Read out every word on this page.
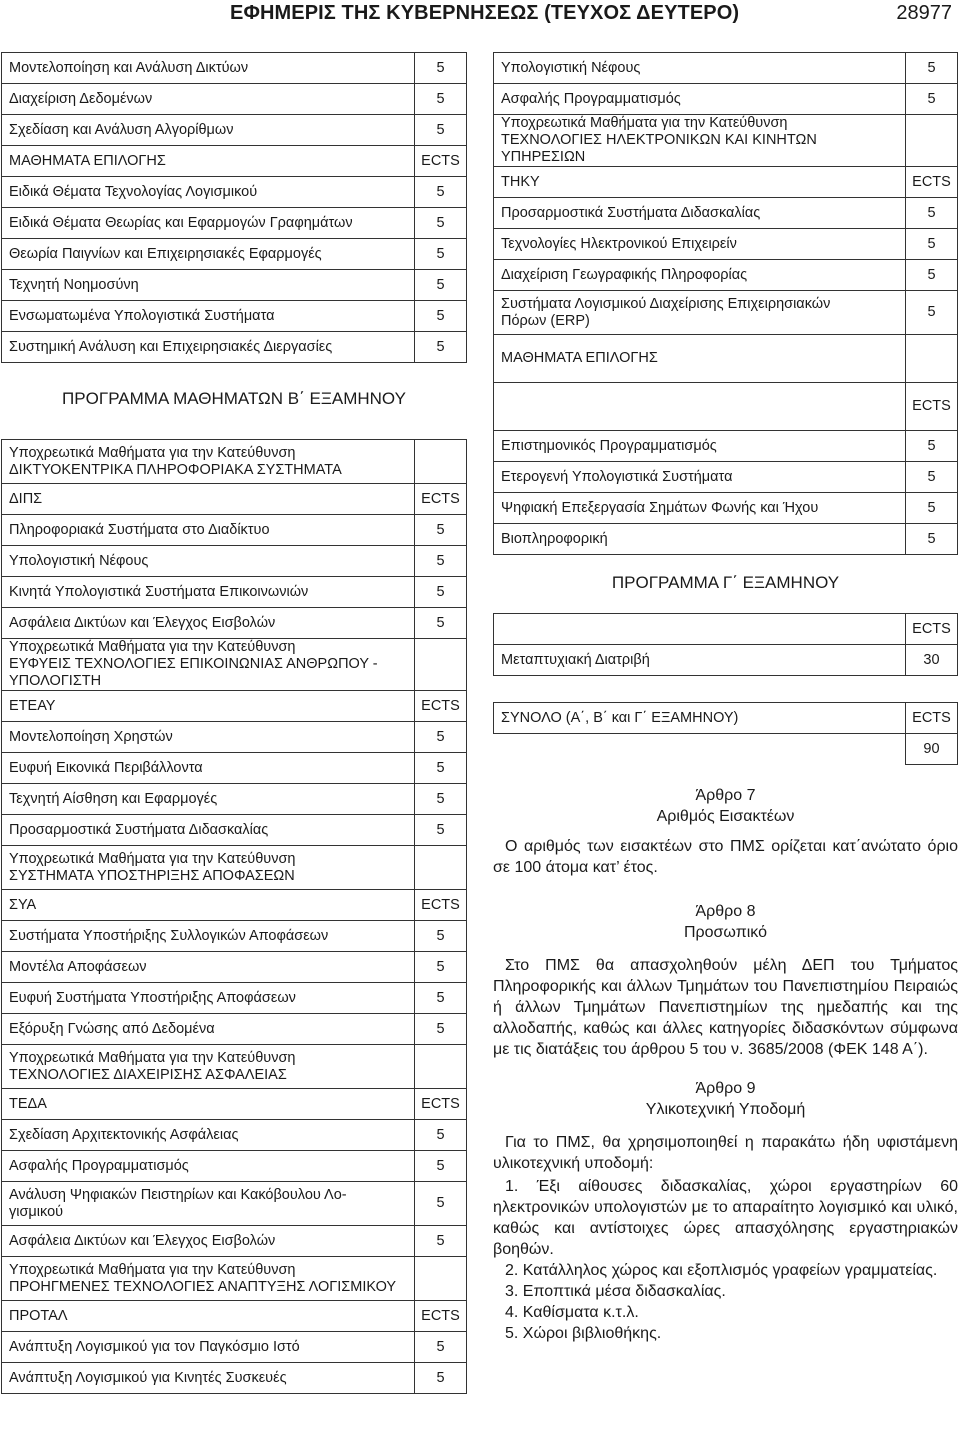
ΕΦΗΜΕΡΙΣ ΤΗΣ ΚΥΒΕΡΝΗΣΕΩΣ (ΤΕΥΧΟΣ ΔΕΥΤΕΡΟ)	28977
Μοντελοποίηση και Ανάλυση Δικτύων	5
Διαχείριση Δεδομένων	5
Σχεδίαση και Ανάλυση Αλγορίθμων	5
ΜΑΘΗΜΑΤΑ ΕΠΙΛΟΓΗΣ	ECTS
Ειδικά Θέματα Τεχνολογίας Λογισμικού	5
Ειδικά Θέματα Θεωρίας και Εφαρμογών Γραφημάτων	5
Θεωρία Παιγνίων και Επιχειρησιακές Εφαρμογές	5
Τεχνητή Νοημοσύνη	5
Ενσωματωμένα Υπολογιστικά Συστήματα	5
Συστημική Ανάλυση και Επιχειρησιακές Διεργασίες	5
ΠΡΟΓΡΑΜΜΑ ΜΑΘΗΜΑΤΩΝ Β΄ ΕΞΑΜΗΝΟΥ
Υποχρεωτικά Μαθήματα για την Κατεύθυνση
ΔΙΚΤΥΟΚΕΝΤΡΙΚΑ ΠΛΗΡΟΦΟΡΙΑΚΑ ΣΥΣΤΗΜΑΤΑ	
ΔΙΠΣ	ECTS
Πληροφοριακά Συστήματα στο Διαδίκτυο	5
Υπολογιστική Νέφους	5
Κινητά Υπολογιστικά Συστήματα Επικοινωνιών	5
Ασφάλεια Δικτύων και Έλεγχος Εισβολών	5
Υποχρεωτικά Μαθήματα για την Κατεύθυνση
ΕΥΦΥΕΙΣ ΤΕΧΝΟΛΟΓΙΕΣ ΕΠΙΚΟΙΝΩΝΙΑΣ ΑΝΘΡΩΠΟΥ - ΥΠΟΛΟΓΙΣΤΗ	
ΕΤΕΑΥ	ECTS
Μοντελοποίηση Χρηστών	5
Ευφυή Εικονικά Περιβάλλοντα	5
Τεχνητή Αίσθηση και Εφαρμογές	5
Προσαρμοστικά Συστήματα Διδασκαλίας	5
Υποχρεωτικά Μαθήματα για την Κατεύθυνση
ΣΥΣΤΗΜΑΤΑ ΥΠΟΣΤΗΡΙΞΗΣ ΑΠΟΦΑΣΕΩΝ	
ΣΥΑ	ECTS
Συστήματα Υποστήριξης Συλλογικών Αποφάσεων	5
Μοντέλα Αποφάσεων	5
Ευφυή Συστήματα Υποστήριξης Αποφάσεων	5
Εξόρυξη Γνώσης από Δεδομένα	5
Υποχρεωτικά Μαθήματα για την Κατεύθυνση
ΤΕΧΝΟΛΟΓΙΕΣ ΔΙΑΧΕΙΡΙΣΗΣ ΑΣΦΑΛΕΙΑΣ	
ΤΕΔΑ	ECTS
Σχεδίαση Αρχιτεκτονικής Ασφάλειας	5
Ασφαλής Προγραμματισμός	5
Ανάλυση Ψηφιακών Πειστηρίων και Κακόβουλου Λο-
γισμικού	5
Ασφάλεια Δικτύων και Έλεγχος Εισβολών	5
Υποχρεωτικά Μαθήματα για την Κατεύθυνση
ΠΡΟΗΓΜΕΝΕΣ ΤΕΧΝΟΛΟΓΙΕΣ ΑΝΑΠΤΥΞΗΣ ΛΟΓΙΣΜΙΚΟΥ	
ΠΡΟΤΑΛ	ECTS
Ανάπτυξη Λογισμικού για τον Παγκόσμιο Ιστό	5
Ανάπτυξη Λογισμικού για Κινητές Συσκευές	5
Υπολογιστική Νέφους	5
Ασφαλής Προγραμματισμός	5
Υποχρεωτικά Μαθήματα για την Κατεύθυνση
ΤΕΧΝΟΛΟΓΙΕΣ ΗΛΕΚΤΡΟΝΙΚΩΝ ΚΑΙ ΚΙΝΗΤΩΝ ΥΠΗΡΕΣΙΩΝ	
ΤΗΚΥ	ECTS
Προσαρμοστικά Συστήματα Διδασκαλίας	5
Τεχνολογίες Ηλεκτρονικού Επιχειρείν	5
Διαχείριση Γεωγραφικής Πληροφορίας	5
Συστήματα Λογισμικού Διαχείρισης Επιχειρησιακών
Πόρων (ERP)	5
ΜΑΘΗΜΑΤΑ ΕΠΙΛΟΓΗΣ	
	ECTS
Επιστημονικός Προγραμματισμός	5
Ετερογενή Υπολογιστικά Συστήματα	5
Ψηφιακή Επεξεργασία Σημάτων Φωνής και Ήχου	5
Βιοπληροφορική	5
ΠΡΟΓΡΑΜΜΑ Γ΄ ΕΞΑΜΗΝΟΥ
	ECTS
Μεταπτυχιακή Διατριβή	30
ΣΥΝΟΛΟ (Α΄, Β΄ και Γ΄ ΕΞΑΜΗΝΟΥ)	ECTS
	90
Άρθρο 7
Αριθμός Εισακτέων
Ο αριθμός των εισακτέων στο ΠΜΣ ορίζεται κατ΄ανώτατο όριο σε 100 άτομα κατ’ έτος.
Άρθρο 8
Προσωπικό
Στο ΠΜΣ θα απασχοληθούν μέλη ΔΕΠ του Τμήματος Πληροφορικής και άλλων Τμημάτων του Πανεπιστημίου Πειραιώς ή άλλων Τμημάτων Πανεπιστημίων της ημεδαπής και της αλλοδαπής, καθώς και άλλες κατηγορίες διδασκόντων σύμφωνα με τις διατάξεις του άρθρου 5 του ν. 3685/2008 (ΦΕΚ 148 Α΄).
Άρθρο 9
Υλικοτεχνική Υποδομή
Για το ΠΜΣ, θα χρησιμοποιηθεί η παρακάτω ήδη υφιστάμενη υλικοτεχνική υποδομή:
1. Έξι αίθουσες διδασκαλίας, χώροι εργαστηρίων 60 ηλεκτρονικών υπολογιστών με το απαραίτητο λογισμικό και υλικό, καθώς και αντίστοιχες ώρες απασχόλησης εργαστηριακών βοηθών.
2. Κατάλληλος χώρος και εξοπλισμός γραφείων γραμματείας.
3. Εποπτικά μέσα διδασκαλίας.
4. Καθίσματα κ.τ.λ.
5. Χώροι βιβλιοθήκης.
